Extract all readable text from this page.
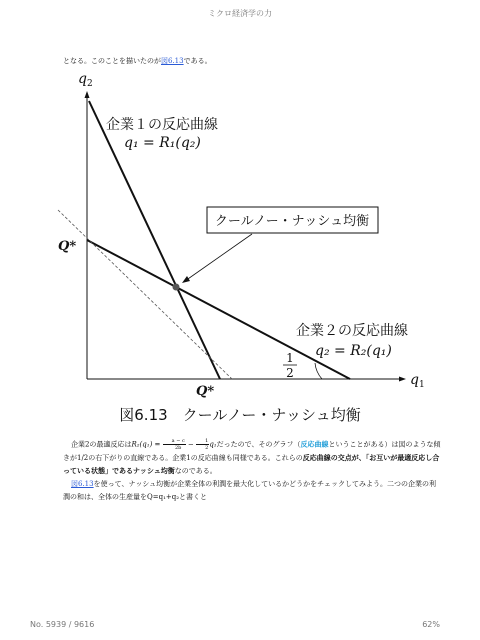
ミクロ経済学の力

となる。このことを描いたのが図6.13である。

クールノー・ナッシュ均衡
$q_2$
$q_1$
Q*
Q*
企業１の反応曲線
q₁ = R₁(q₂)
企業２の反応曲線
q₂ = R₂(q₁)
1
2
図6.13　クールノー・ナッシュ均衡

企業2の最適反応は$R_2(q_1) = \frac{a - c}{2b} - \frac{1}{2} q_1$だったので、そのグラフ（反応曲線ということがある）は図のような傾きが1/2の右下がりの直線である。企業1の反応曲線も同様である。これらの反応曲線の交点が、「お互いが最適反応し合っている状態」であるナッシュ均衡なのである。

図6.13を使って、ナッシュ均衡が企業全体の利潤を最大化しているかどうかをチェックしてみよう。二つの企業の利潤の和は、全体の生産量をQ=q₁+q₂と書くと

No. 5939 / 9616	62%
